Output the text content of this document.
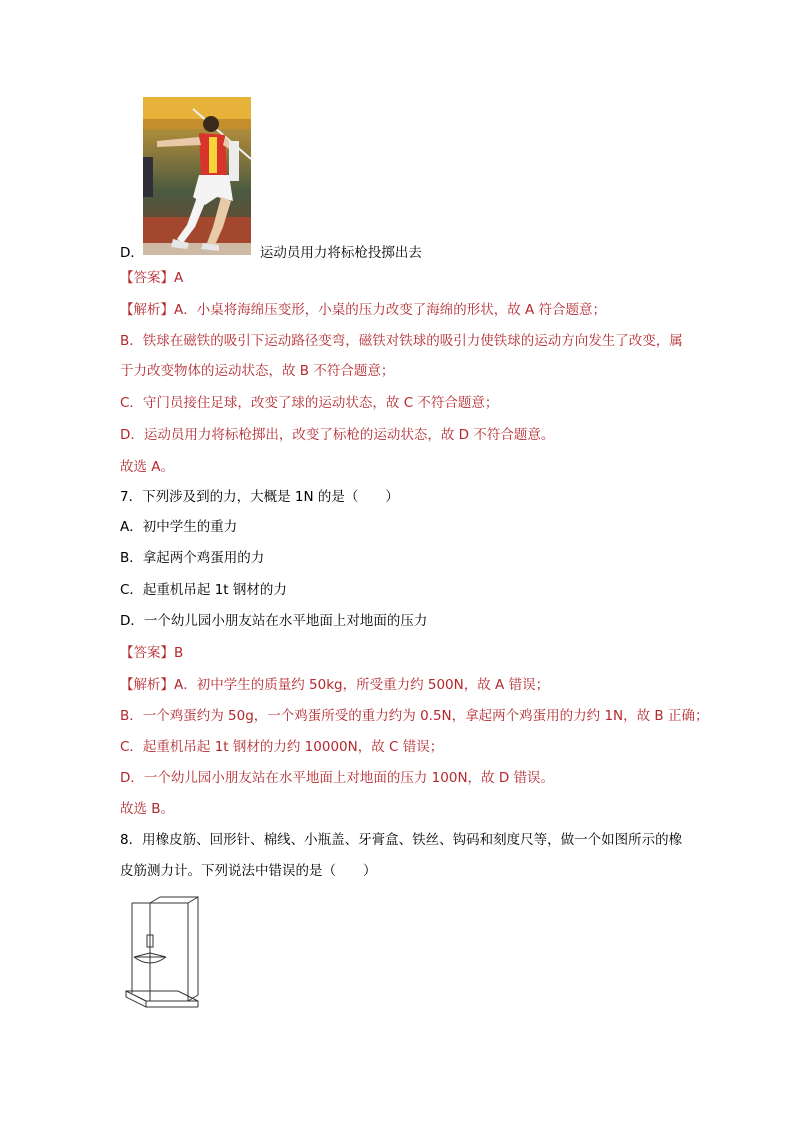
D．	运动员用力将标枪投掷出去
【答案】A
【解析】A．小桌将海绵压变形，小桌的压力改变了海绵的形状，故 A 符合题意；
B．铁球在磁铁的吸引下运动路径变弯，磁铁对铁球的吸引力使铁球的运动方向发生了改变，属
于力改变物体的运动状态，故 B 不符合题意；
C．守门员接住足球，改变了球的运动状态，故 C 不符合题意；
D．运动员用力将标枪掷出，改变了标枪的运动状态，故 D 不符合题意。
故选 A。
7．下列涉及到的力，大概是 1N 的是（　　）
A．初中学生的重力
B．拿起两个鸡蛋用的力
C．起重机吊起 1t 钢材的力
D．一个幼儿园小朋友站在水平地面上对地面的压力
【答案】B
【解析】A．初中学生的质量约 50kg，所受重力约 500N，故 A 错误；
B．一个鸡蛋约为 50g，一个鸡蛋所受的重力约为 0.5N，拿起两个鸡蛋用的力约 1N，故 B 正确；
C．起重机吊起 1t 钢材的力约 10000N，故 C 错误；
D．一个幼儿园小朋友站在水平地面上对地面的压力 100N，故 D 错误。
故选 B。
8．用橡皮筋、回形针、棉线、小瓶盖、牙膏盒、铁丝、钩码和刻度尺等，做一个如图所示的橡
皮筋测力计。下列说法中错误的是（　　）
